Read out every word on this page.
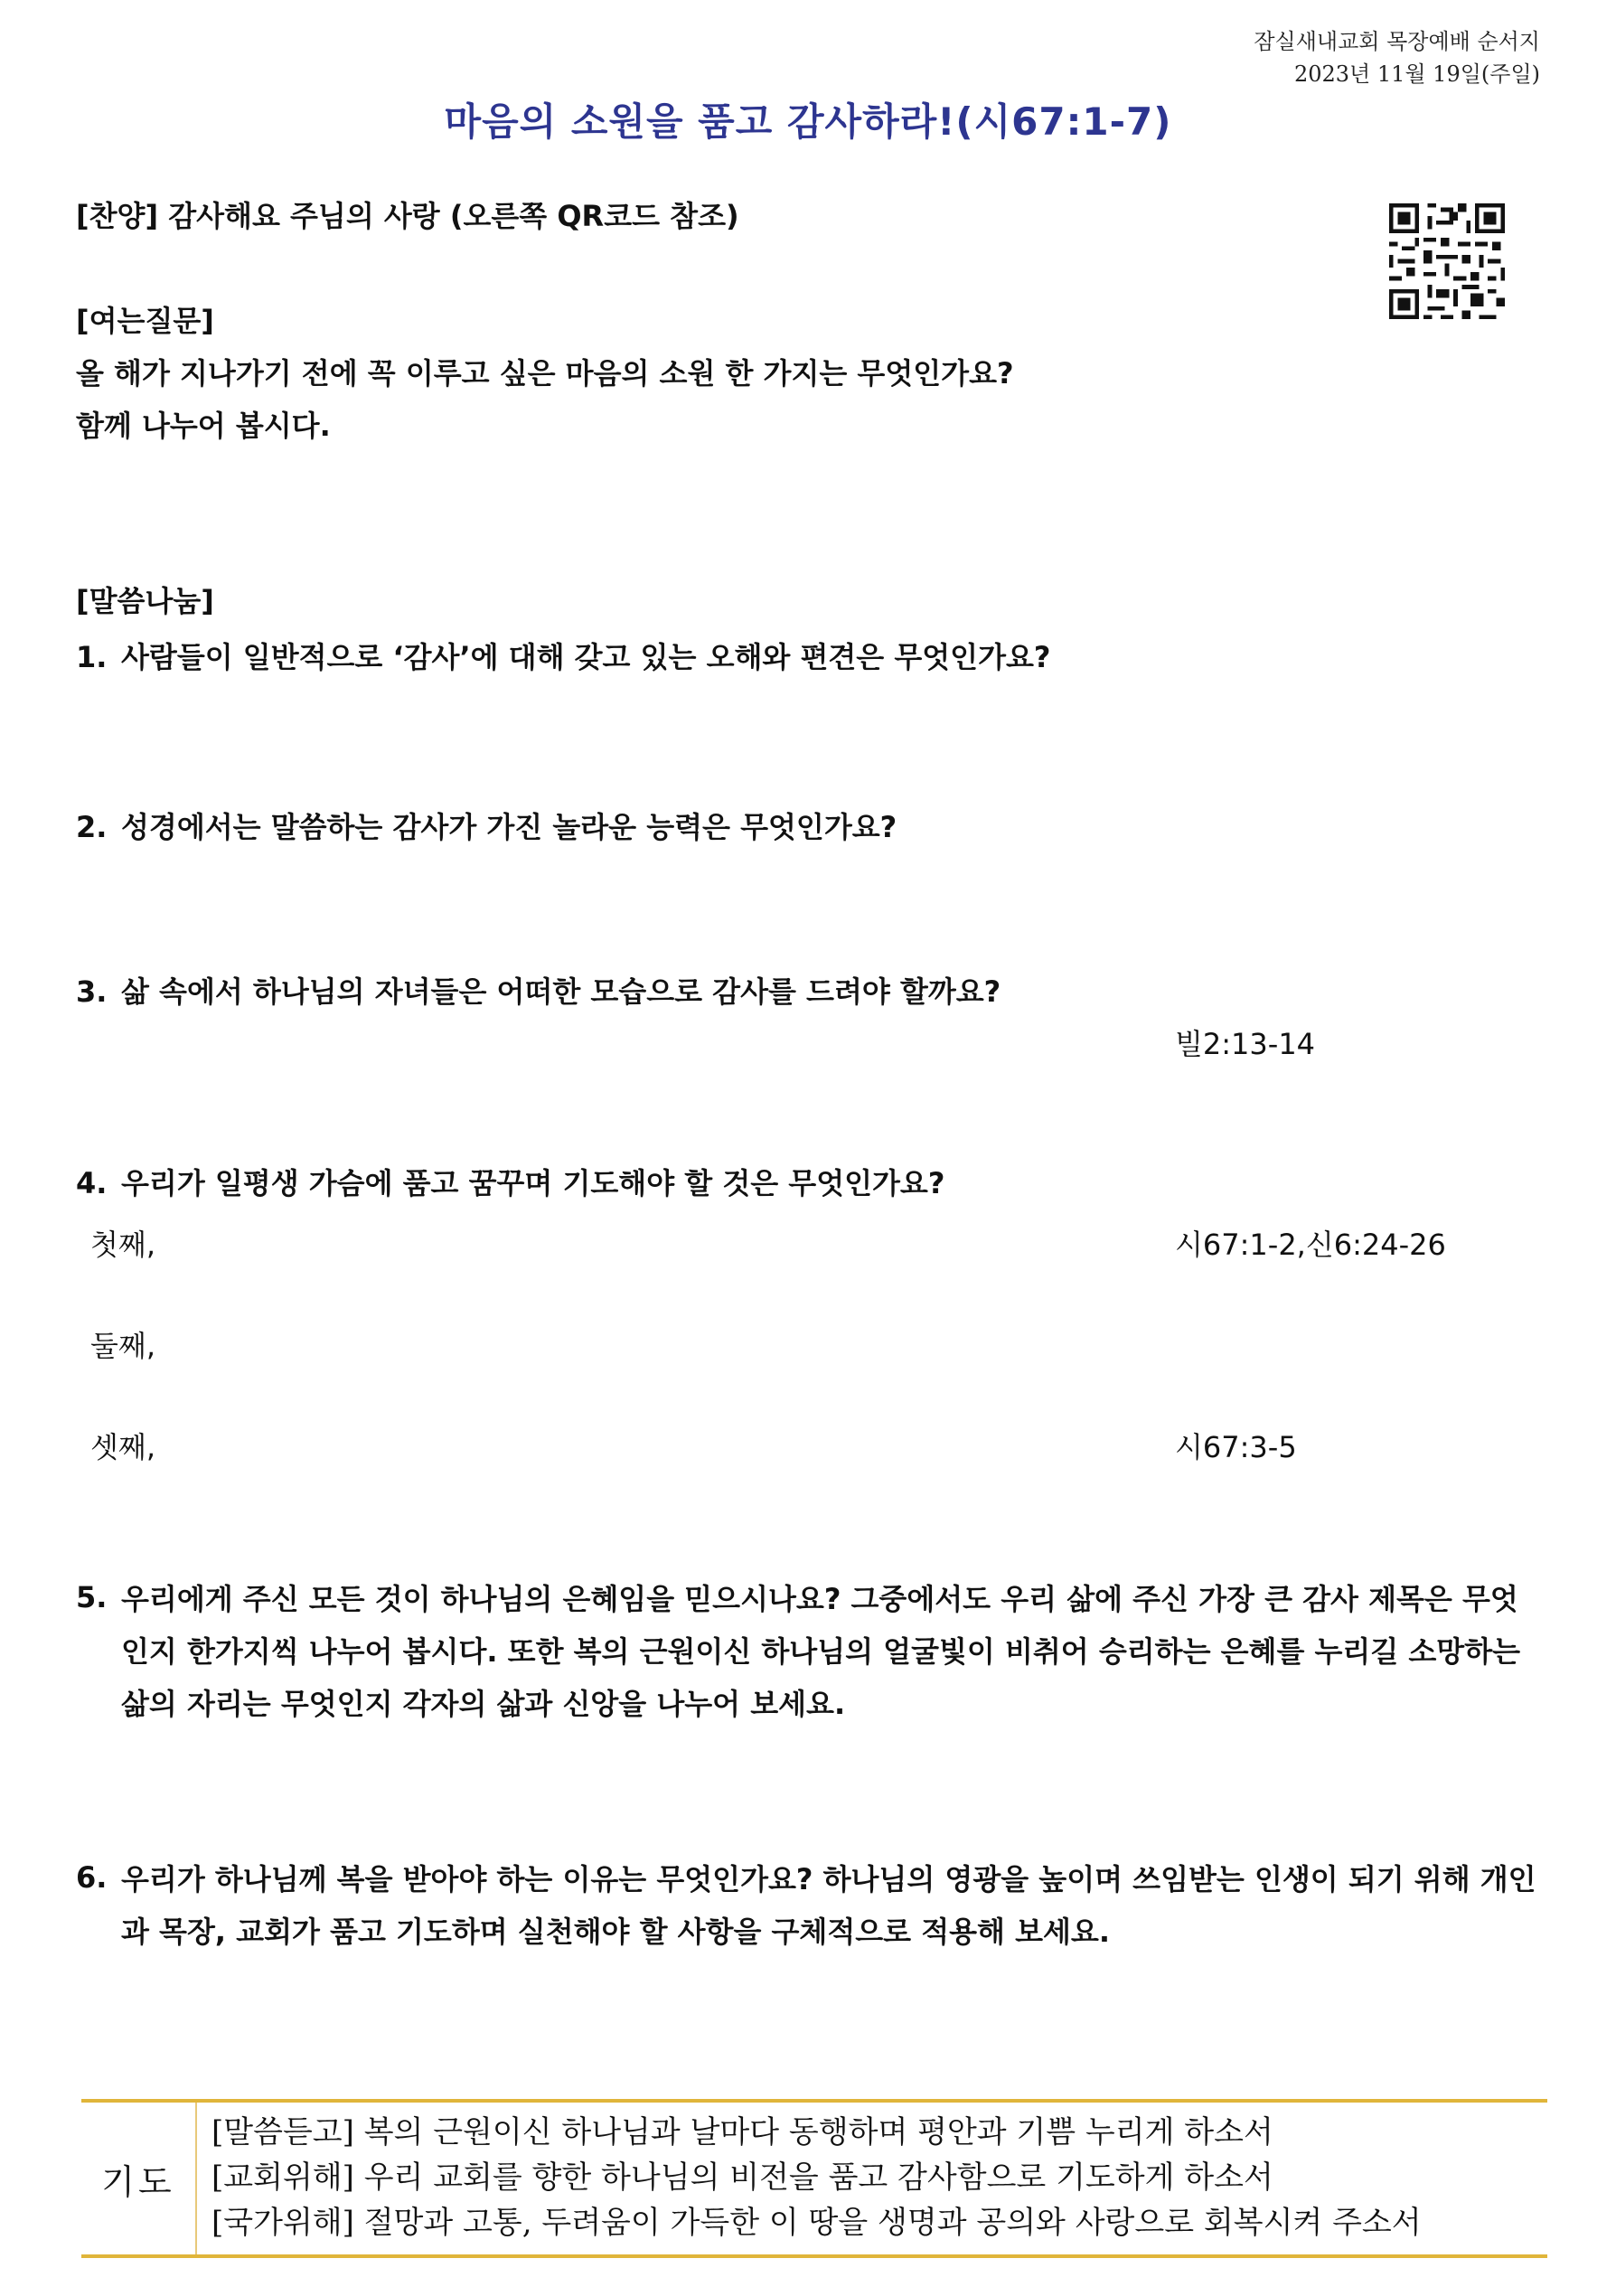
잠실새내교회 목장예배 순서지
2023년 11월 19일(주일)
마음의 소원을 품고 감사하라!(시67:1-7)
[찬양] 감사해요 주님의 사랑 (오른쪽 QR코드 참조)
[여는질문]
올 해가 지나가기 전에 꼭 이루고 싶은 마음의 소원 한 가지는 무엇인가요?
함께 나누어 봅시다.
[말씀나눔]
1. 사람들이 일반적으로 ‘감사’에 대해 갖고 있는 오해와 편견은 무엇인가요?
2. 성경에서는 말씀하는 감사가 가진 놀라운 능력은 무엇인가요?
3. 삶 속에서 하나님의 자녀들은 어떠한 모습으로 감사를 드려야 할까요?
빌2:13-14
4. 우리가 일평생 가슴에 품고 꿈꾸며 기도해야 할 것은 무엇인가요?
첫째,	시67:1-2,신6:24-26
둘째,
셋째,	시67:3-5
5. 우리에게 주신 모든 것이 하나님의 은혜임을 믿으시나요? 그중에서도 우리 삶에 주신 가장 큰 감사 제목은 무엇인지 한가지씩 나누어 봅시다. 또한 복의 근원이신 하나님의 얼굴빛이 비취어 승리하는 은혜를 누리길 소망하는 삶의 자리는 무엇인지 각자의 삶과 신앙을 나누어 보세요.
6. 우리가 하나님께 복을 받아야 하는 이유는 무엇인가요? 하나님의 영광을 높이며 쓰임받는 인생이 되기 위해 개인과 목장, 교회가 품고 기도하며 실천해야 할 사항을 구체적으로 적용해 보세요.
기도
[말씀듣고] 복의 근원이신 하나님과 날마다 동행하며 평안과 기쁨 누리게 하소서
[교회위해] 우리 교회를 향한 하나님의 비전을 품고 감사함으로 기도하게 하소서
[국가위해] 절망과 고통, 두려움이 가득한 이 땅을 생명과 공의와 사랑으로 회복시켜 주소서
